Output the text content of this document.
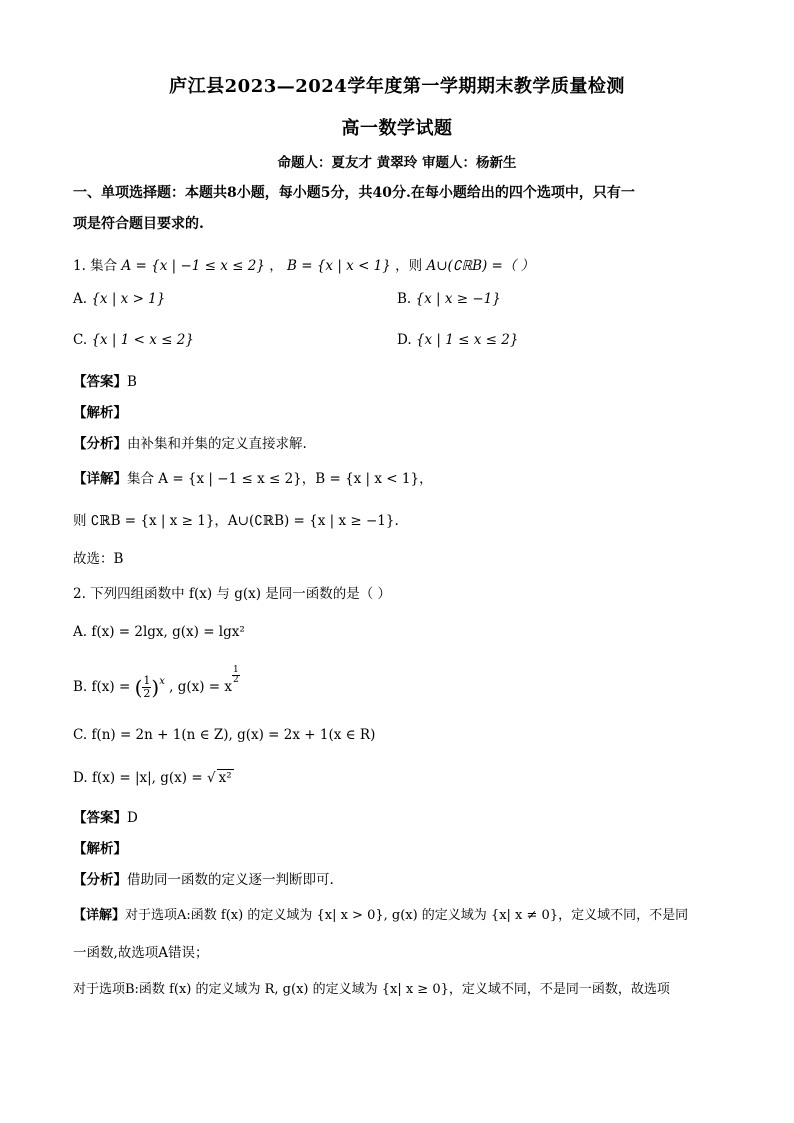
庐江县2023—2024学年度第一学期期末教学质量检测
高一数学试题
命题人：夏友才 黄翠玲 审题人：杨新生
一、单项选择题：本题共8小题，每小题5分，共40分.在每小题给出的四个选项中，只有一
项是符合题目要求的.
1. 集合 A = {x | −1 ≤ x ≤ 2} ， B = {x | x < 1} ，则 A∪(∁ℝB) =（ ）
A. {x | x > 1}	B. {x | x ≥ −1}
C. {x | 1 < x ≤ 2}	D. {x | 1 ≤ x ≤ 2}
【答案】B
【解析】
【分析】由补集和并集的定义直接求解.
【详解】集合 A = {x | −1 ≤ x ≤ 2}，B = {x | x < 1}，
则 ∁ℝB = {x | x ≥ 1}，A∪(∁ℝB) = {x | x ≥ −1}.
故选：B
2. 下列四组函数中 f(x) 与 g(x) 是同一函数的是（ ）
A. f(x) = 2lgx, g(x) = lgx²
B. f(x) = ( $\frac{1}{2} )^x$ , g(x) = x
$\frac{1}{2}$
C. f(n) = 2n + 1(n ∈ Z), g(x) = 2x + 1(x ∈ R)
D. f(x) = |x|, g(x) = √ x²
【答案】D
【解析】
【分析】借助同一函数的定义逐一判断即可.
【详解】对于选项A:函数 f(x) 的定义域为 {x| x > 0}, g(x) 的定义域为 {x| x ≠ 0}，定义域不同，不是同
一函数,故选项A错误；
对于选项B:函数 f(x) 的定义域为 R, g(x) 的定义域为 {x| x ≥ 0}，定义域不同，不是同一函数，故选项
